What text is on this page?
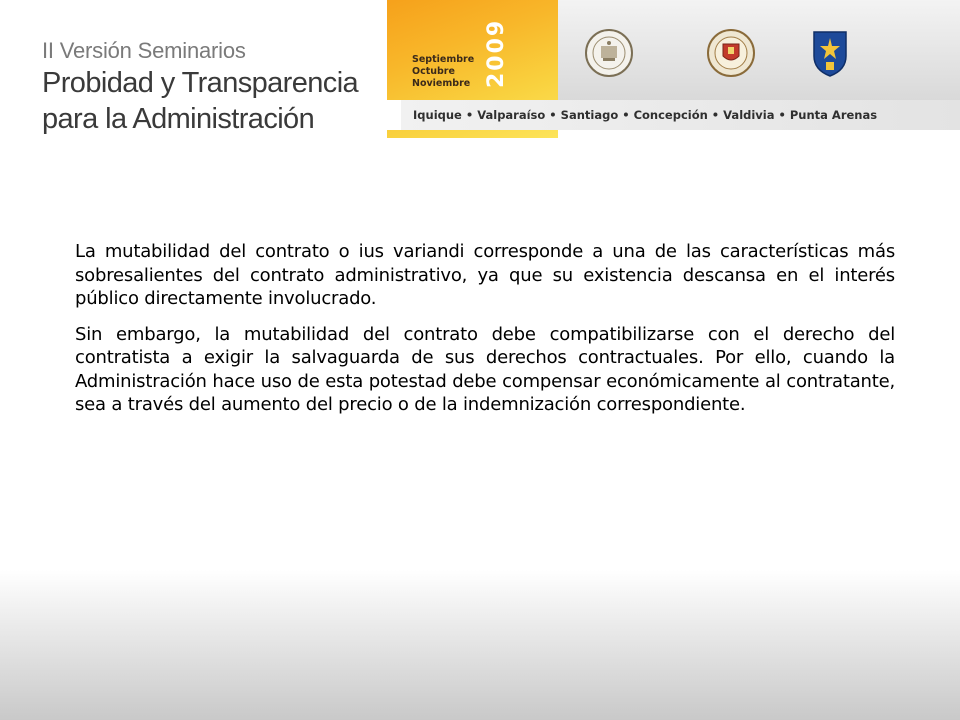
II Versión Seminarios
Probidad y Transparencia
para la Administración
Septiembre
Octubre
Noviembre 2009
Iquique • Valparaíso • Santiago • Concepción • Valdivia • Punta Arenas

La mutabilidad del contrato o ius variandi corresponde a una de las características más sobresalientes del contrato administrativo, ya que su existencia descansa en el interés público directamente involucrado.

Sin embargo, la mutabilidad del contrato debe compatibilizarse con el derecho del contratista a exigir la salvaguarda de sus derechos contractuales. Por ello, cuando la Administración hace uso de esta potestad debe compensar económicamente al contratante, sea a través del aumento del precio o de la indemnización correspondiente.
